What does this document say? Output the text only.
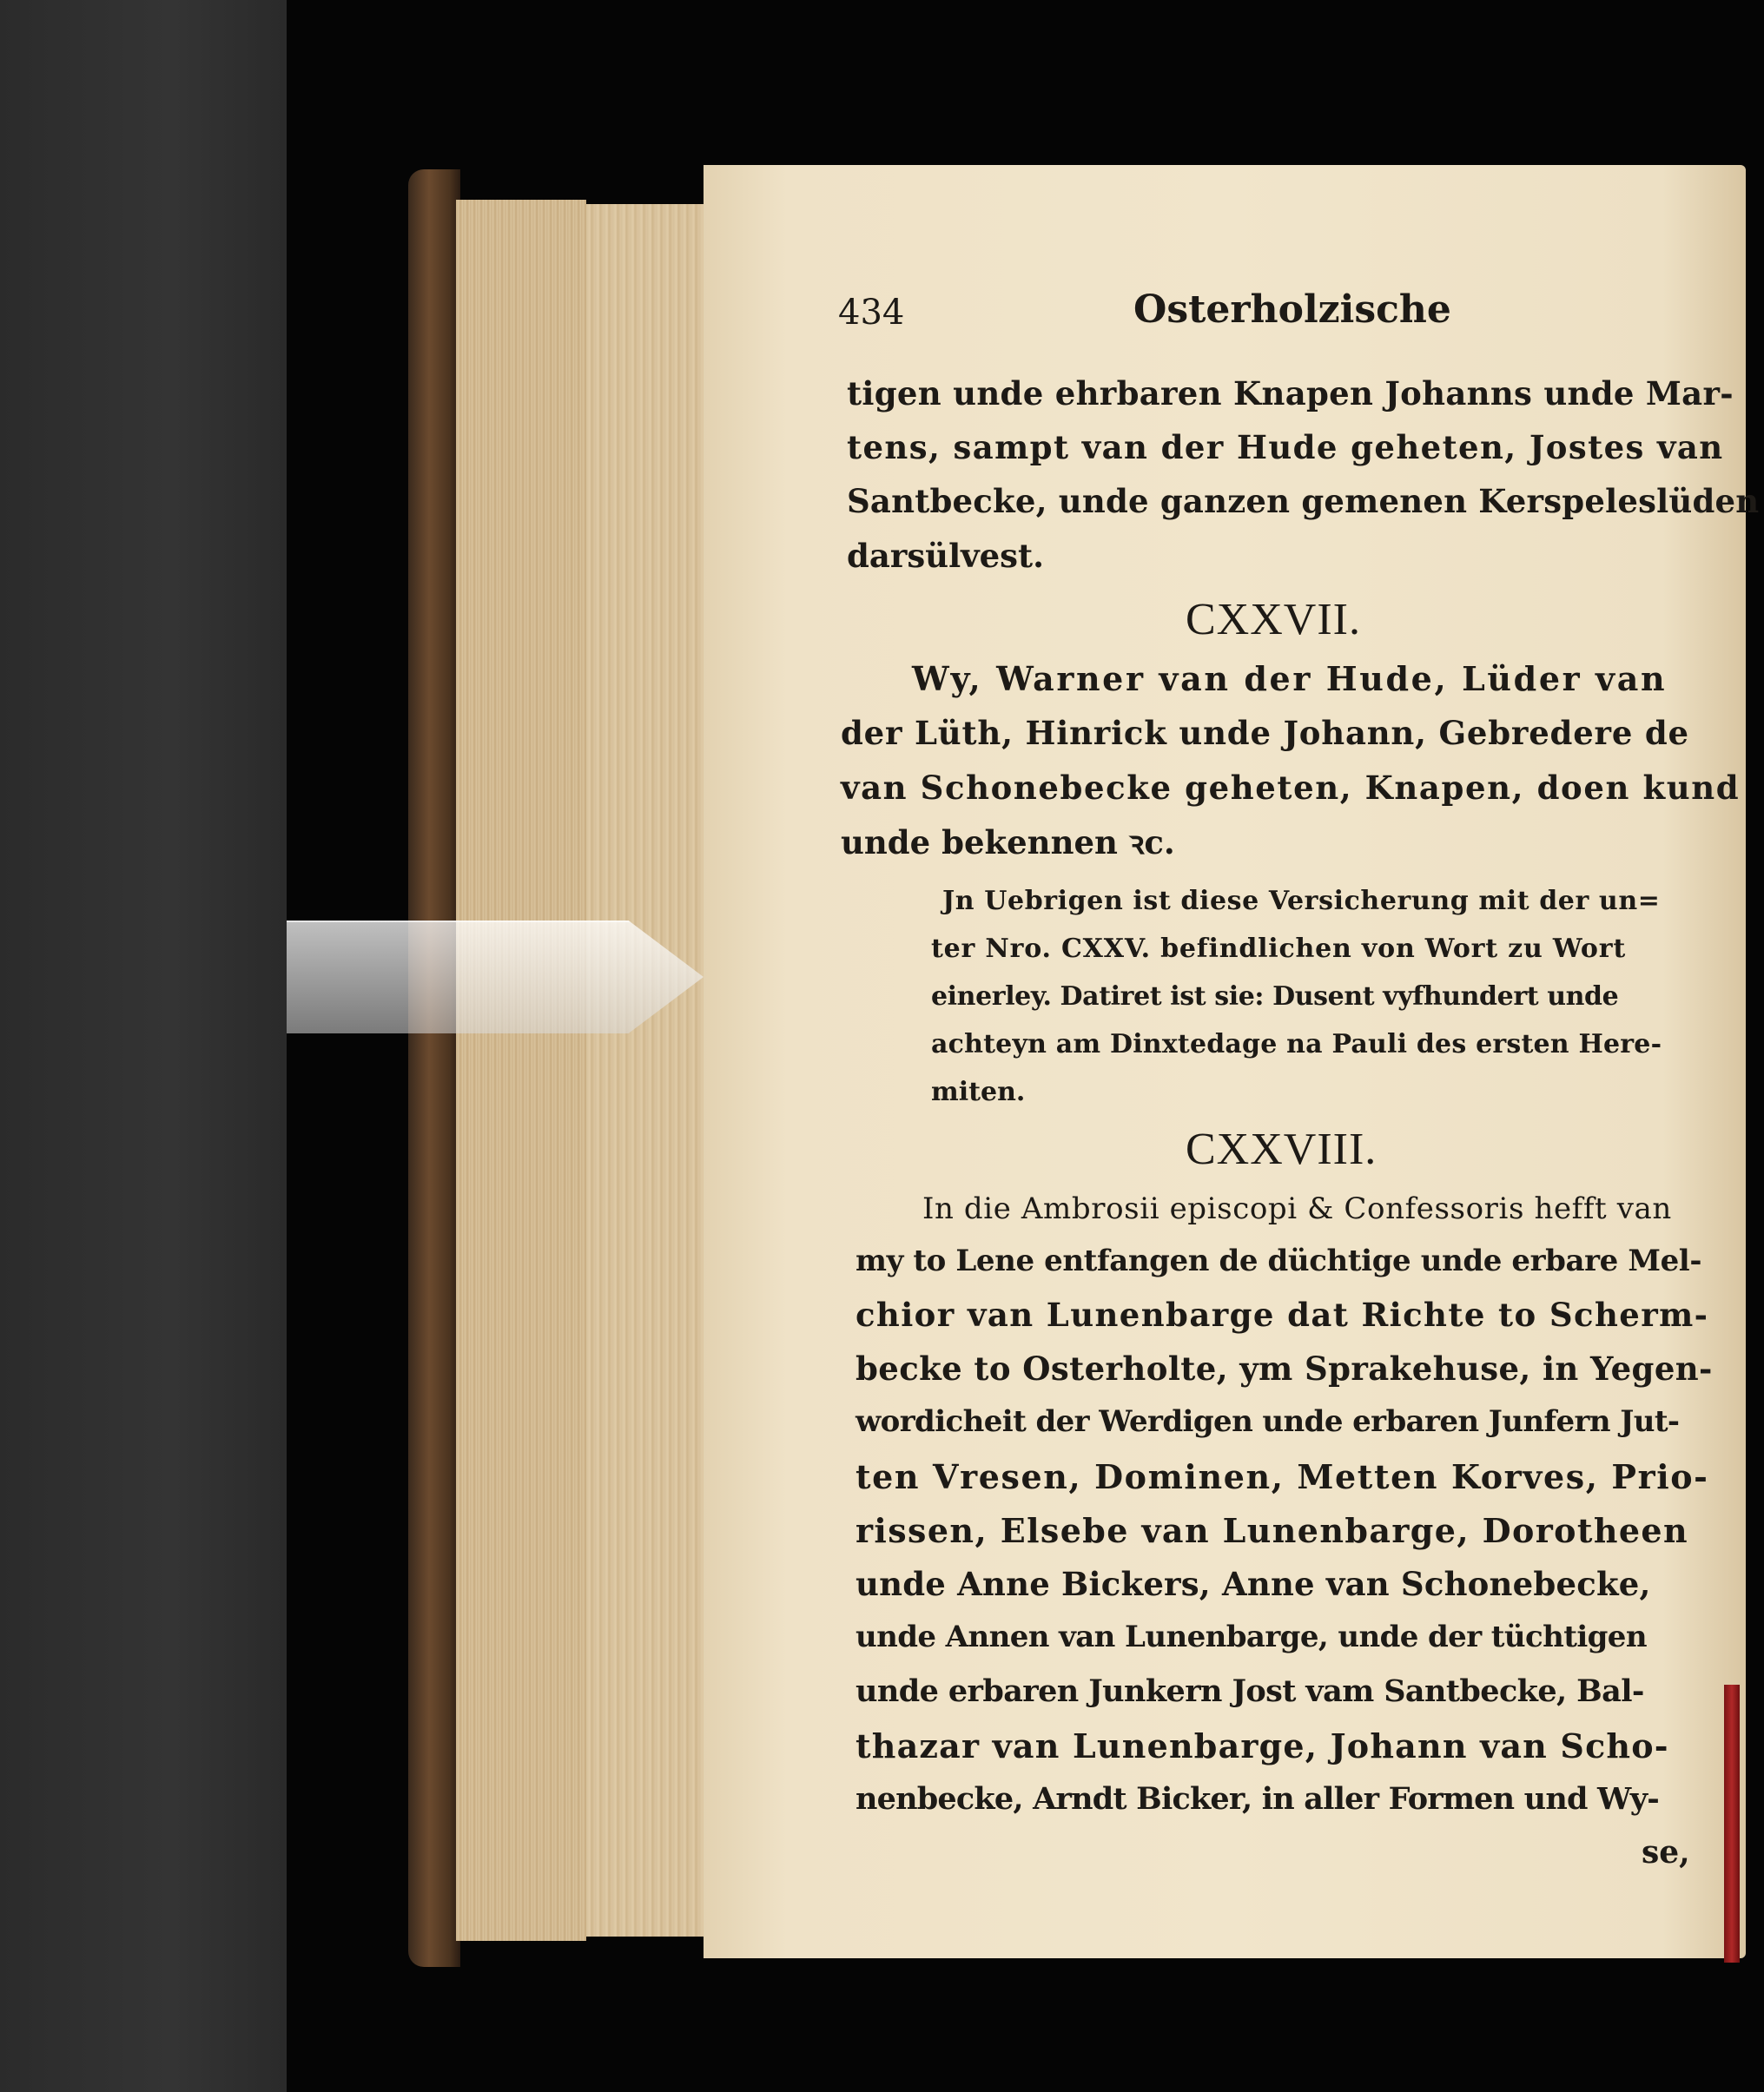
434	Osterholzische
tigen unde ehrbaren Knapen Johanns unde Mar-
tens, sampt van der Hude geheten, Jostes van
Santbecke, unde ganzen gemenen Kerspeleslüden
darsülvest.
CXXVII.
Wy, Warner van der Hude, Lüder van
der Lüth, Hinrick unde Johann, Gebredere de
van Schonebecke geheten, Knapen, doen kund
unde bekennen ꝛc.
Jn Uebrigen ist diese Versicherung mit der un=
ter Nro. CXXV. befindlichen von Wort zu Wort
einerley. Datiret ist sie: Dusent vyfhundert unde
achteyn am Dinxtedage na Pauli des ersten Here-
miten.
CXXVIII.
In die Ambrosii episcopi & Confessoris hefft van
my to Lene entfangen de düchtige unde erbare Mel-
chior van Lunenbarge dat Richte to Scherm-
becke to Osterholte, ym Sprakehuse, in Yegen-
wordicheit der Werdigen unde erbaren Junfern Jut-
ten Vresen, Dominen, Metten Korves, Prio-
rissen, Elsebe van Lunenbarge, Dorotheen
unde Anne Bickers, Anne van Schonebecke,
unde Annen van Lunenbarge, unde der tüchtigen
unde erbaren Junkern Jost vam Santbecke, Bal-
thazar van Lunenbarge, Johann van Scho-
nenbecke, Arndt Bicker, in aller Formen und Wy-
se,
